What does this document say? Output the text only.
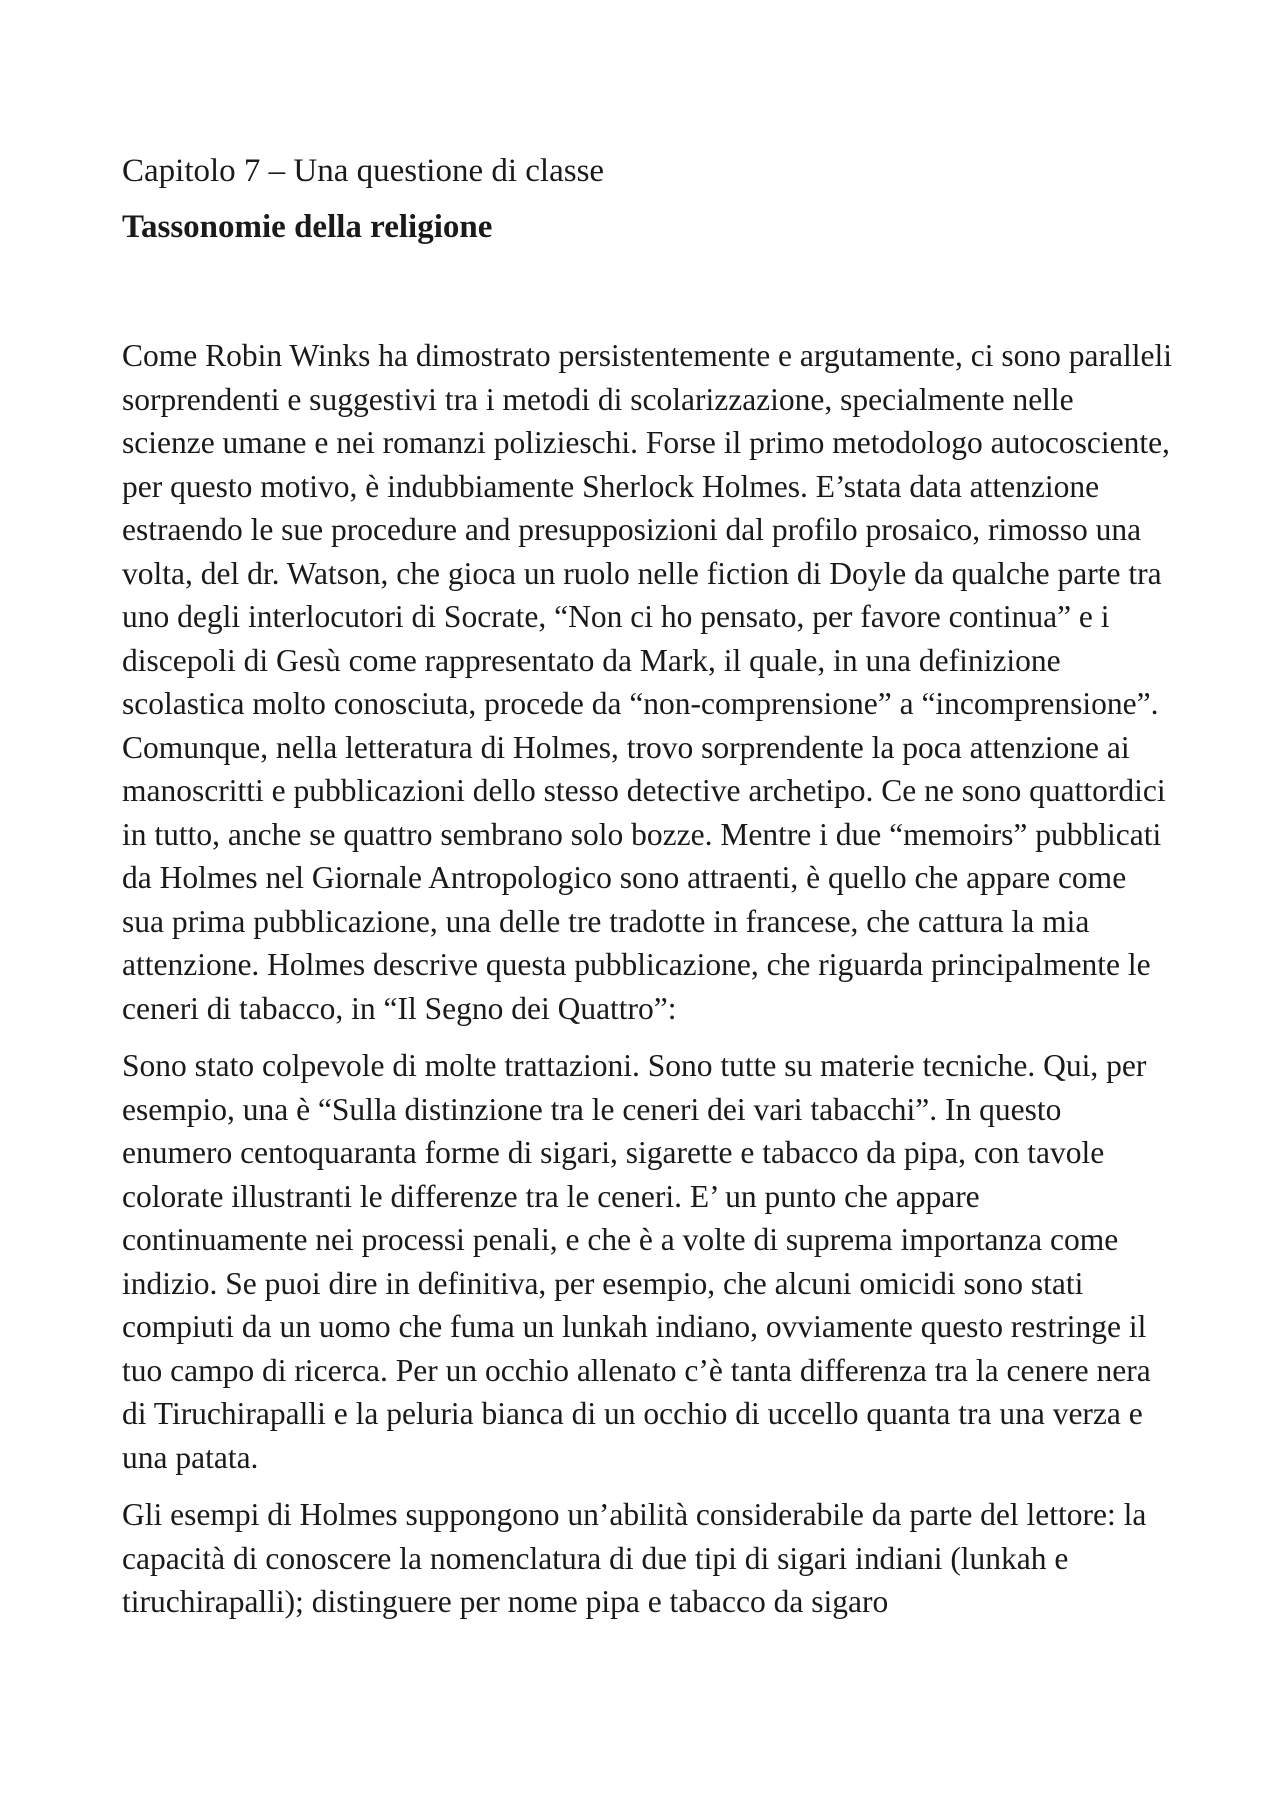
Capitolo 7 – Una questione di classe
Tassonomie della religione

Come Robin Winks ha dimostrato persistentemente e argutamente, ci sono paralleli sorprendenti e suggestivi tra i metodi di scolarizzazione, specialmente nelle scienze umane e nei romanzi polizieschi. Forse il primo metodologo autocosciente, per questo motivo, è indubbiamente Sherlock Holmes. E’stata data attenzione estraendo le sue procedure and presupposizioni dal profilo prosaico, rimosso una volta, del dr. Watson, che gioca un ruolo nelle fiction di Doyle da qualche parte tra uno degli interlocutori di Socrate, “Non ci ho pensato, per favore continua” e i discepoli di Gesù come rappresentato da Mark, il quale, in una definizione scolastica molto conosciuta, procede da “non-comprensione” a “incomprensione”. Comunque, nella letteratura di Holmes, trovo sorprendente la poca attenzione ai manoscritti e pubblicazioni dello stesso detective archetipo. Ce ne sono quattordici in tutto, anche se quattro sembrano solo bozze. Mentre i due “memoirs” pubblicati da Holmes nel Giornale Antropologico sono attraenti, è quello che appare come sua prima pubblicazione, una delle tre tradotte in francese, che cattura la mia attenzione. Holmes descrive questa pubblicazione, che riguarda principalmente le ceneri di tabacco, in “Il Segno dei Quattro”:

Sono stato colpevole di molte trattazioni. Sono tutte su materie tecniche. Qui, per esempio, una è “Sulla distinzione tra le ceneri dei vari tabacchi”. In questo enumero centoquaranta forme di sigari, sigarette e tabacco da pipa, con tavole colorate illustranti le differenze tra le ceneri. E’ un punto che appare continuamente nei processi penali, e che è a volte di suprema importanza come indizio. Se puoi dire in definitiva, per esempio, che alcuni omicidi sono stati compiuti da un uomo che fuma un lunkah indiano, ovviamente questo restringe il tuo campo di ricerca. Per un occhio allenato c’è tanta differenza tra la cenere nera di Tiruchirapalli e la peluria bianca di un occhio di uccello quanta tra una verza e una patata.

Gli esempi di Holmes suppongono un’abilità considerabile da parte del lettore: la capacità di conoscere la nomenclatura di due tipi di sigari indiani (lunkah e tiruchirapalli); distinguere per nome pipa e tabacco da sigaro
